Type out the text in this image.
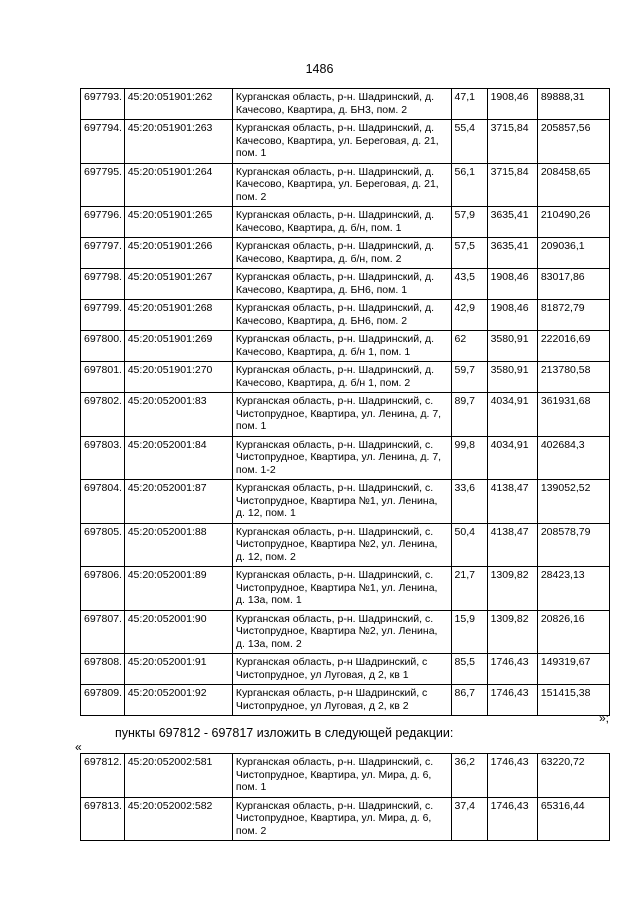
1486
697793.	45:20:051901:262	Курганская область, р-н. Шадринский, д. Качесово, Квартира, д. БН3, пом. 2	47,1	1908,46	89888,31
697794.	45:20:051901:263	Курганская область, р-н. Шадринский, д. Качесово, Квартира, ул. Береговая, д. 21, пом. 1	55,4	3715,84	205857,56
697795.	45:20:051901:264	Курганская область, р-н. Шадринский, д. Качесово, Квартира, ул. Береговая, д. 21, пом. 2	56,1	3715,84	208458,65
697796.	45:20:051901:265	Курганская область, р-н. Шадринский, д. Качесово, Квартира, д. б/н, пом. 1	57,9	3635,41	210490,26
697797.	45:20:051901:266	Курганская область, р-н. Шадринский, д. Качесово, Квартира, д. б/н, пом. 2	57,5	3635,41	209036,1
697798.	45:20:051901:267	Курганская область, р-н. Шадринский, д. Качесово, Квартира, д. БН6, пом. 1	43,5	1908,46	83017,86
697799.	45:20:051901:268	Курганская область, р-н. Шадринский, д. Качесово, Квартира, д. БН6, пом. 2	42,9	1908,46	81872,79
697800.	45:20:051901:269	Курганская область, р-н. Шадринский, д. Качесово, Квартира, д. б/н 1, пом. 1	62	3580,91	222016,69
697801.	45:20:051901:270	Курганская область, р-н. Шадринский, д. Качесово, Квартира, д. б/н 1, пом. 2	59,7	3580,91	213780,58
697802.	45:20:052001:83	Курганская область, р-н. Шадринский, с. Чистопрудное, Квартира, ул. Ленина, д. 7, пом. 1	89,7	4034,91	361931,68
697803.	45:20:052001:84	Курганская область, р-н. Шадринский, с. Чистопрудное, Квартира, ул. Ленина, д. 7, пом. 1-2	99,8	4034,91	402684,3
697804.	45:20:052001:87	Курганская область, р-н. Шадринский, с. Чистопрудное, Квартира №1, ул. Ленина, д. 12, пом. 1	33,6	4138,47	139052,52
697805.	45:20:052001:88	Курганская область, р-н. Шадринский, с. Чистопрудное, Квартира №2, ул. Ленина, д. 12, пом. 2	50,4	4138,47	208578,79
697806.	45:20:052001:89	Курганская область, р-н. Шадринский, с. Чистопрудное, Квартира №1, ул. Ленина, д. 13а, пом. 1	21,7	1309,82	28423,13
697807.	45:20:052001:90	Курганская область, р-н. Шадринский, с. Чистопрудное, Квартира №2, ул. Ленина, д. 13а, пом. 2	15,9	1309,82	20826,16
697808.	45:20:052001:91	Курганская область, р-н Шадринский, с Чистопрудное, ул Луговая, д 2, кв 1	85,5	1746,43	149319,67
697809.	45:20:052001:92	Курганская область, р-н Шадринский, с Чистопрудное, ул Луговая, д 2, кв 2	86,7	1746,43	151415,38
»;
пункты 697812 - 697817 изложить в следующей редакции:
«
697812.	45:20:052002:581	Курганская область, р-н. Шадринский, с. Чистопрудное, Квартира, ул. Мира, д. 6, пом. 1	36,2	1746,43	63220,72
697813.	45:20:052002:582	Курганская область, р-н. Шадринский, с. Чистопрудное, Квартира, ул. Мира, д. 6, пом. 2	37,4	1746,43	65316,44
